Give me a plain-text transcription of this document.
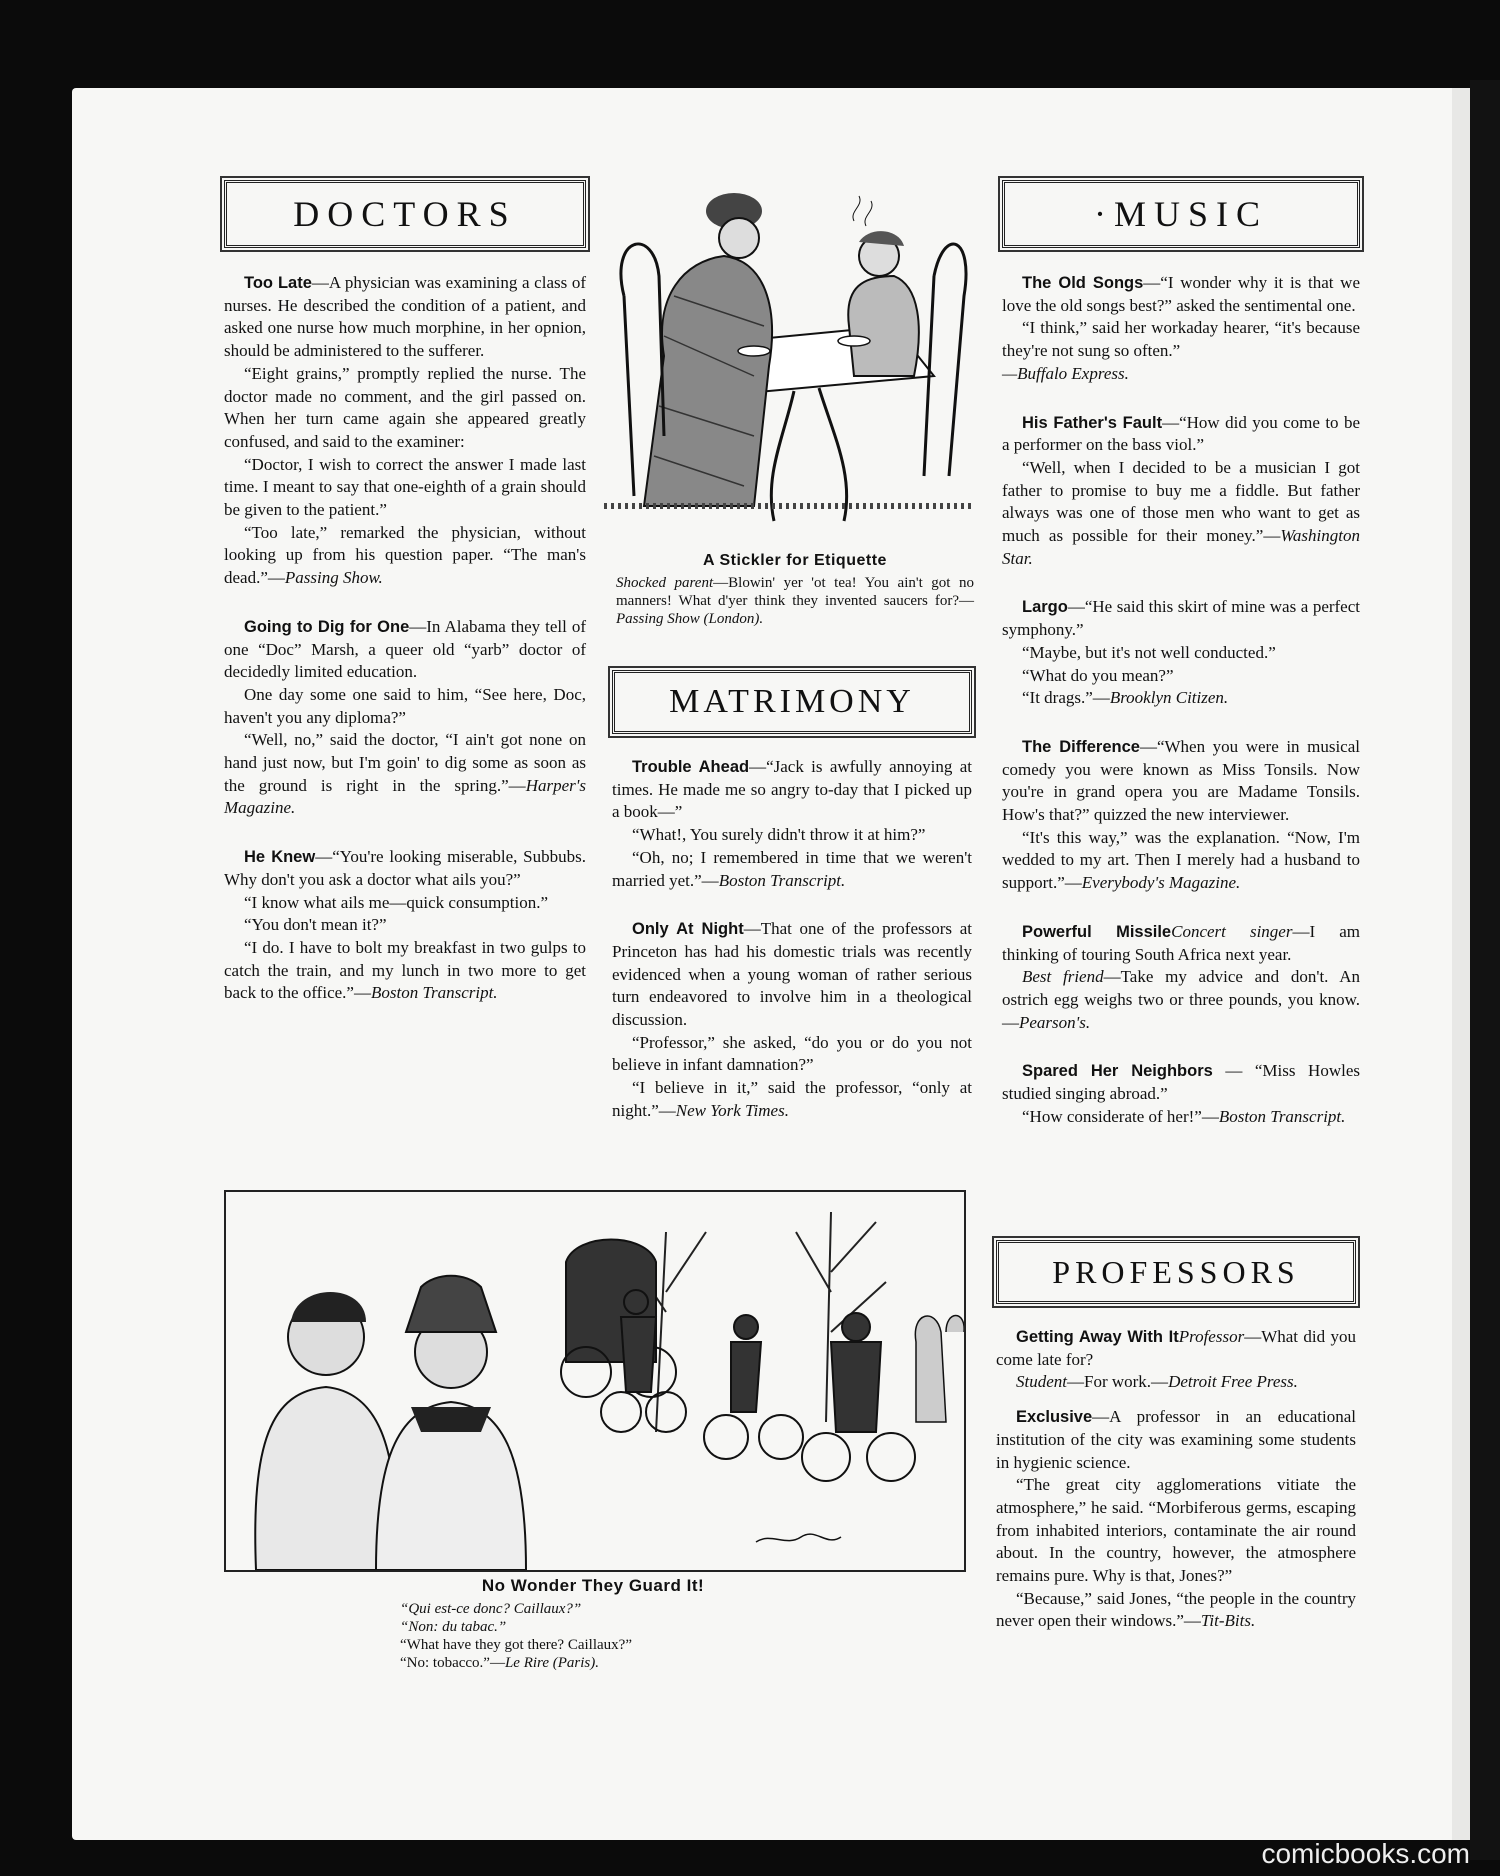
DOCTORS

Too Late—A physician was examining a class of nurses. He described the condition of a patient, and asked one nurse how much morphine, in her opnion, should be administered to the sufferer.

“Eight grains,” promptly replied the nurse. The doctor made no comment, and the girl passed on. When her turn came again she appeared greatly confused, and said to the examiner:

“Doctor, I wish to correct the answer I made last time. I meant to say that one-eighth of a grain should be given to the patient.”

“Too late,” remarked the physician, without looking up from his question paper. “The man's dead.”—Passing Show.

Going to Dig for One—In Alabama they tell of one “Doc” Marsh, a queer old “yarb” doctor of decidedly limited education.

One day some one said to him, “See here, Doc, haven't you any diploma?”

“Well, no,” said the doctor, “I ain't got none on hand just now, but I'm goin' to dig some as soon as the ground is right in the spring.”—Harper's Magazine.

He Knew—“You're looking miserable, Subbubs. Why don't you ask a doctor what ails you?”

“I know what ails me—quick consumption.”

“You don't mean it?”

“I do. I have to bolt my breakfast in two gulps to catch the train, and my lunch in two more to get back to the office.”—Boston Transcript.

A Stickler for Etiquette

Shocked parent—Blowin' yer 'ot tea! You ain't got no manners! What d'yer think they invented saucers for?—Passing Show (London).

MATRIMONY

Trouble Ahead—“Jack is awfully annoying at times. He made me so angry to-day that I picked up a book—”

“What!, You surely didn't throw it at him?”

“Oh, no; I remembered in time that we weren't married yet.”—Boston Transcript.

Only At Night—That one of the professors at Princeton has had his domestic trials was recently evidenced when a young woman of rather serious turn endeavored to involve him in a theological discussion.

“Professor,” she asked, “do you or do you not believe in infant damnation?”

“I believe in it,” said the professor, “only at night.”—New York Times.

·MUSIC

The Old Songs—“I wonder why it is that we love the old songs best?” asked the sentimental one.

“I think,” said her workaday hearer, “it's because they're not sung so often.”

—Buffalo Express.

His Father's Fault—“How did you come to be a performer on the bass viol.”

“Well, when I decided to be a musician I got father to promise to buy me a fiddle. But father always was one of those men who want to get as much as possible for their money.”—Washington Star.

Largo—“He said this skirt of mine was a perfect symphony.”

“Maybe, but it's not well conducted.”

“What do you mean?”

“It drags.”—Brooklyn Citizen.

The Difference—“When you were in musical comedy you were known as Miss Tonsils. Now you're in grand opera you are Madame Tonsils. How's that?” quizzed the new interviewer.

“It's this way,” was the explanation. “Now, I'm wedded to my art. Then I merely had a husband to support.”—Everybody's Magazine.

Powerful MissileConcert singer—I am thinking of touring South Africa next year.

Best friend—Take my advice and don't. An ostrich egg weighs two or three pounds, you know.—Pearson's.

Spared Her Neighbors — “Miss Howles studied singing abroad.”

“How considerate of her!”—Boston Transcript.

PROFESSORS

Getting Away With ItProfessor—What did you come late for?

Student—For work.—Detroit Free Press.

Exclusive—A professor in an educational institution of the city was examining some students in hygienic science.

“The great city agglomerations vitiate the atmosphere,” he said. “Morbiferous germs, escaping from inhabited interiors, contaminate the air round about. In the country, however, the atmosphere remains pure. Why is that, Jones?”

“Because,” said Jones, “the people in the country never open their windows.”—Tit-Bits.

No Wonder They Guard It!

“Qui est-ce donc? Caillaux?”

“Non: du tabac.”

“What have they got there? Caillaux?”

“No: tobacco.”—Le Rire (Paris).

comicbooks.com
